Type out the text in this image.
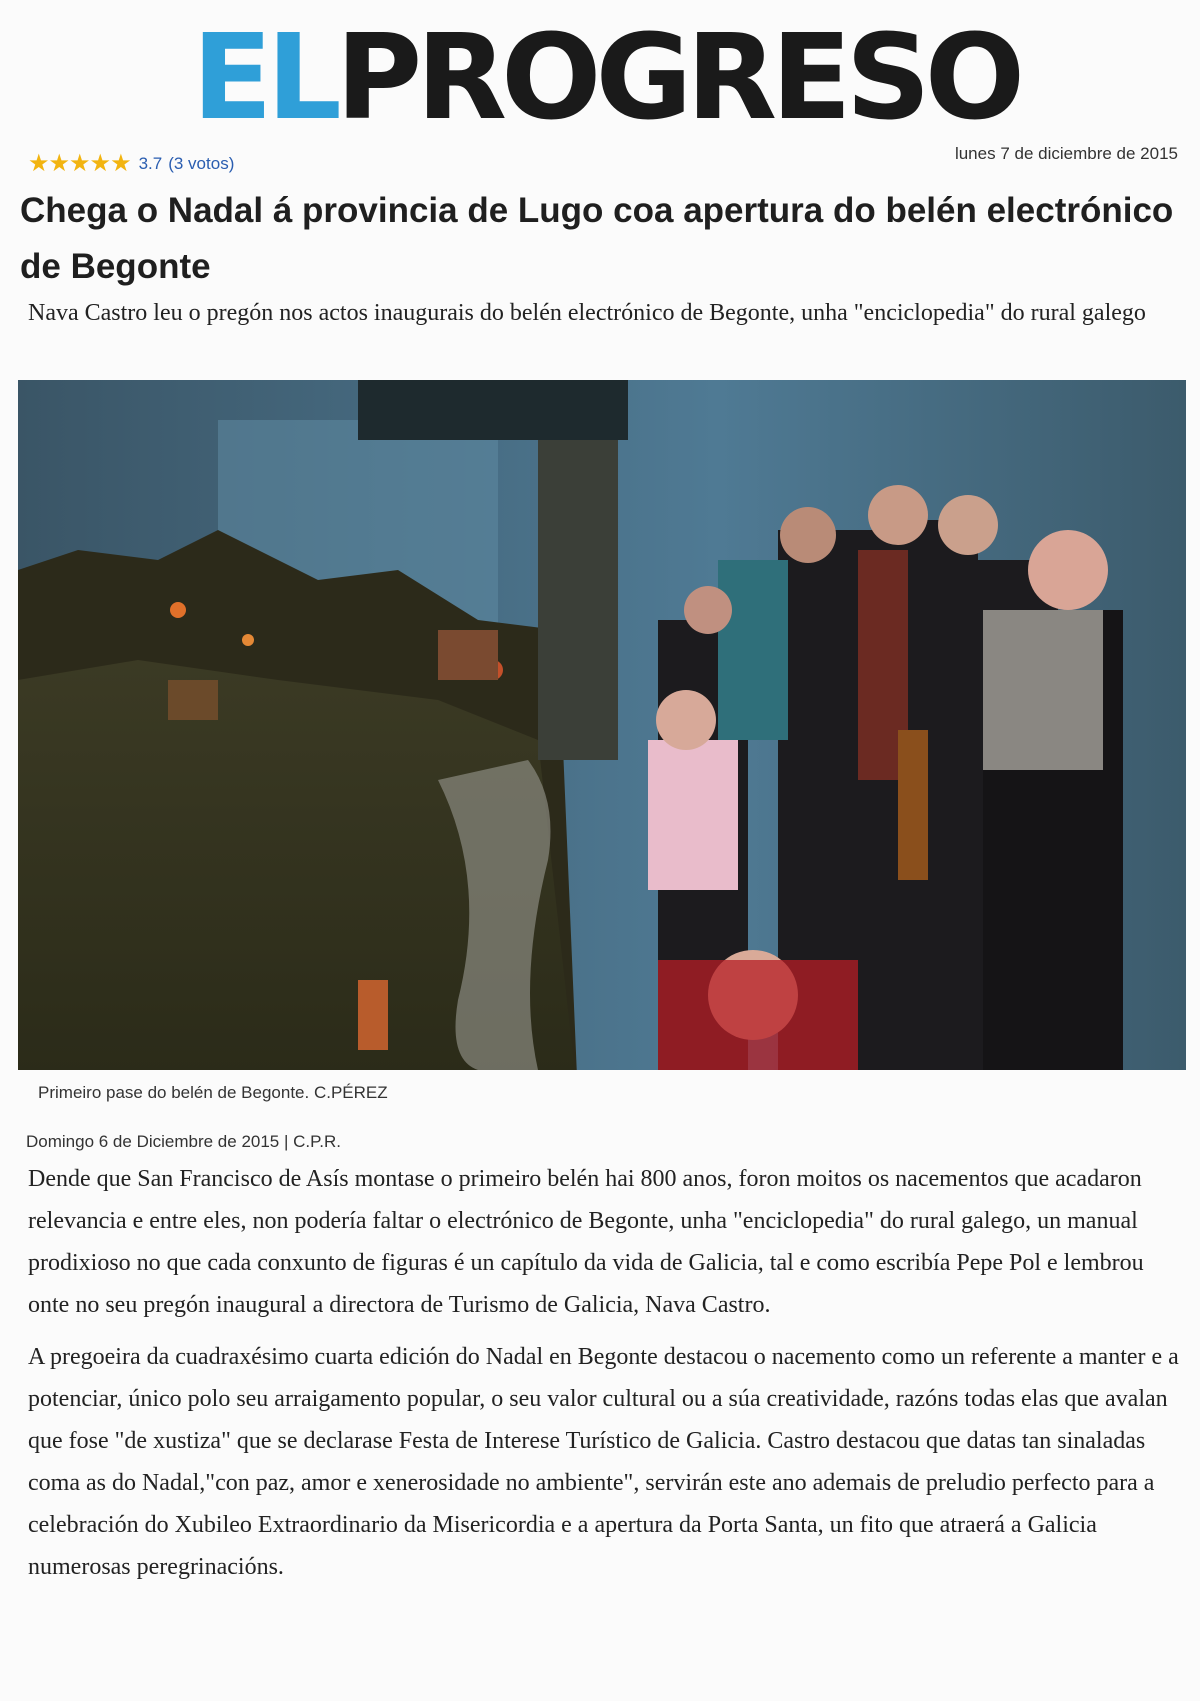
ELPROGRESO
★★★★★ 3.7 (3 votos)
lunes 7 de diciembre de 2015
Chega o Nadal á provincia de Lugo coa apertura do belén electrónico de Begonte

Nava Castro leu o pregón nos actos inaugurais do belén electrónico de Begonte, unha "enciclopedia" do rural galego

Primeiro pase do belén de Begonte. C.PÉREZ
Domingo 6 de Diciembre de 2015 | C.P.R.

Dende que San Francisco de Asís montase o primeiro belén hai 800 anos, foron moitos os nacementos que acadaron relevancia e entre eles, non podería faltar o electrónico de Begonte, unha "enciclopedia" do rural galego, un manual prodixioso no que cada conxunto de figuras é un capítulo da vida de Galicia, tal e como escribía Pepe Pol e lembrou onte no seu pregón inaugural a directora de Turismo de Galicia, Nava Castro.

A pregoeira da cuadraxésimo cuarta edición do Nadal en Begonte destacou o nacemento como un referente a manter e a potenciar, único polo seu arraigamento popular, o seu valor cultural ou a súa creatividade, razóns todas elas que avalan que fose "de xustiza" que se declarase Festa de Interese Turístico de Galicia. Castro destacou que datas tan sinaladas coma as do Nadal,"con paz, amor e xenerosidade no ambiente", servirán este ano ademais de preludio perfecto para a celebración do Xubileo Extraordinario da Misericordia e a apertura da Porta Santa, un fito que atraerá a Galicia numerosas peregrinacións.
